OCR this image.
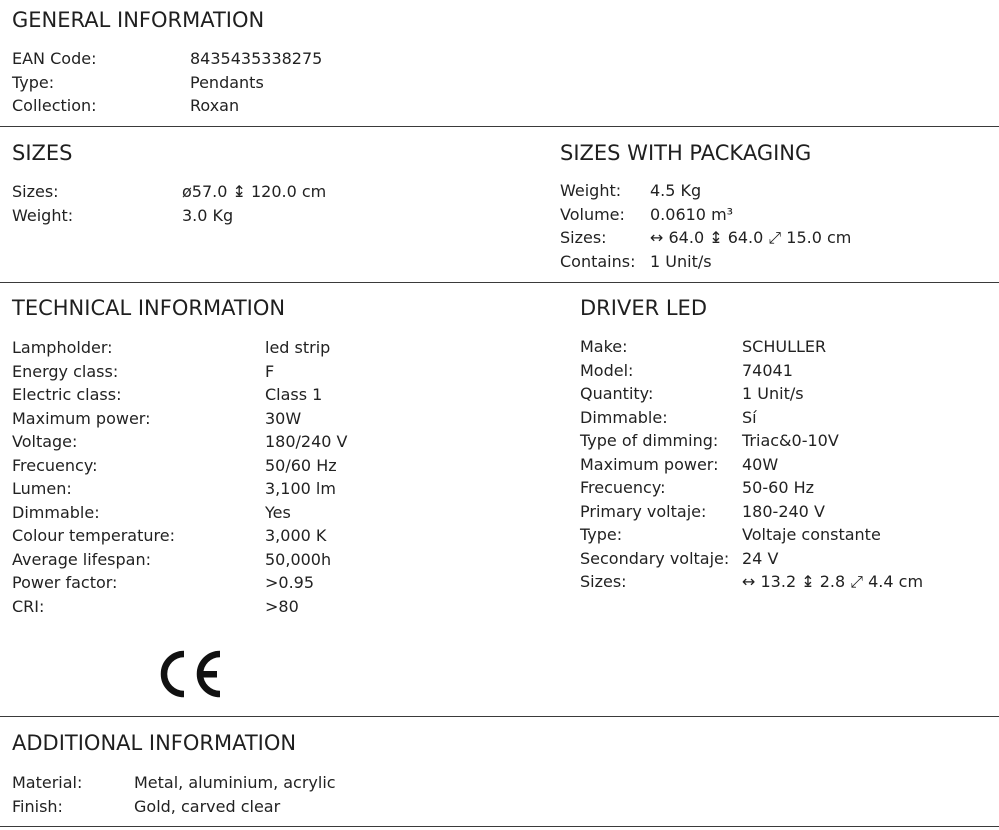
GENERAL INFORMATION
EAN Code:	8435435338275
Type:	Pendants
Collection:	Roxan
SIZES
Sizes:	ø57.0 ↨ 120.0 cm
Weight:	3.0 Kg
SIZES WITH PACKAGING
Weight: 4.5 Kg
Volume: 0.0610 m³
Sizes:	↔ 64.0 ↨ 64.0 ⤢ 15.0 cm
Contains: 1 Unit/s
TECHNICAL INFORMATION
Lampholder:	led strip
Energy class:	F
Electric class:	Class 1
Maximum power:	30W
Voltage:	180/240 V
Frecuency:	50/60 Hz
Lumen:	3,100 lm
Dimmable:	Yes
Colour temperature:	3,000 K
Average lifespan:	50,000h
Power factor:	>0.95
CRI:	>80
DRIVER LED
Make:	SCHULLER
Model:	74041
Quantity:	1 Unit/s
Dimmable:	Sí
Type of dimming: Triac&0-10V
Maximum power: 40W
Frecuency:	50-60 Hz
Primary voltaje: 180-240 V
Type:	Voltaje constante
Secondary voltaje: 24 V
Sizes:	↔ 13.2 ↨ 2.8 ⤢ 4.4 cm
ADDITIONAL INFORMATION
Material:	Metal, aluminium, acrylic
Finish:	Gold, carved clear
